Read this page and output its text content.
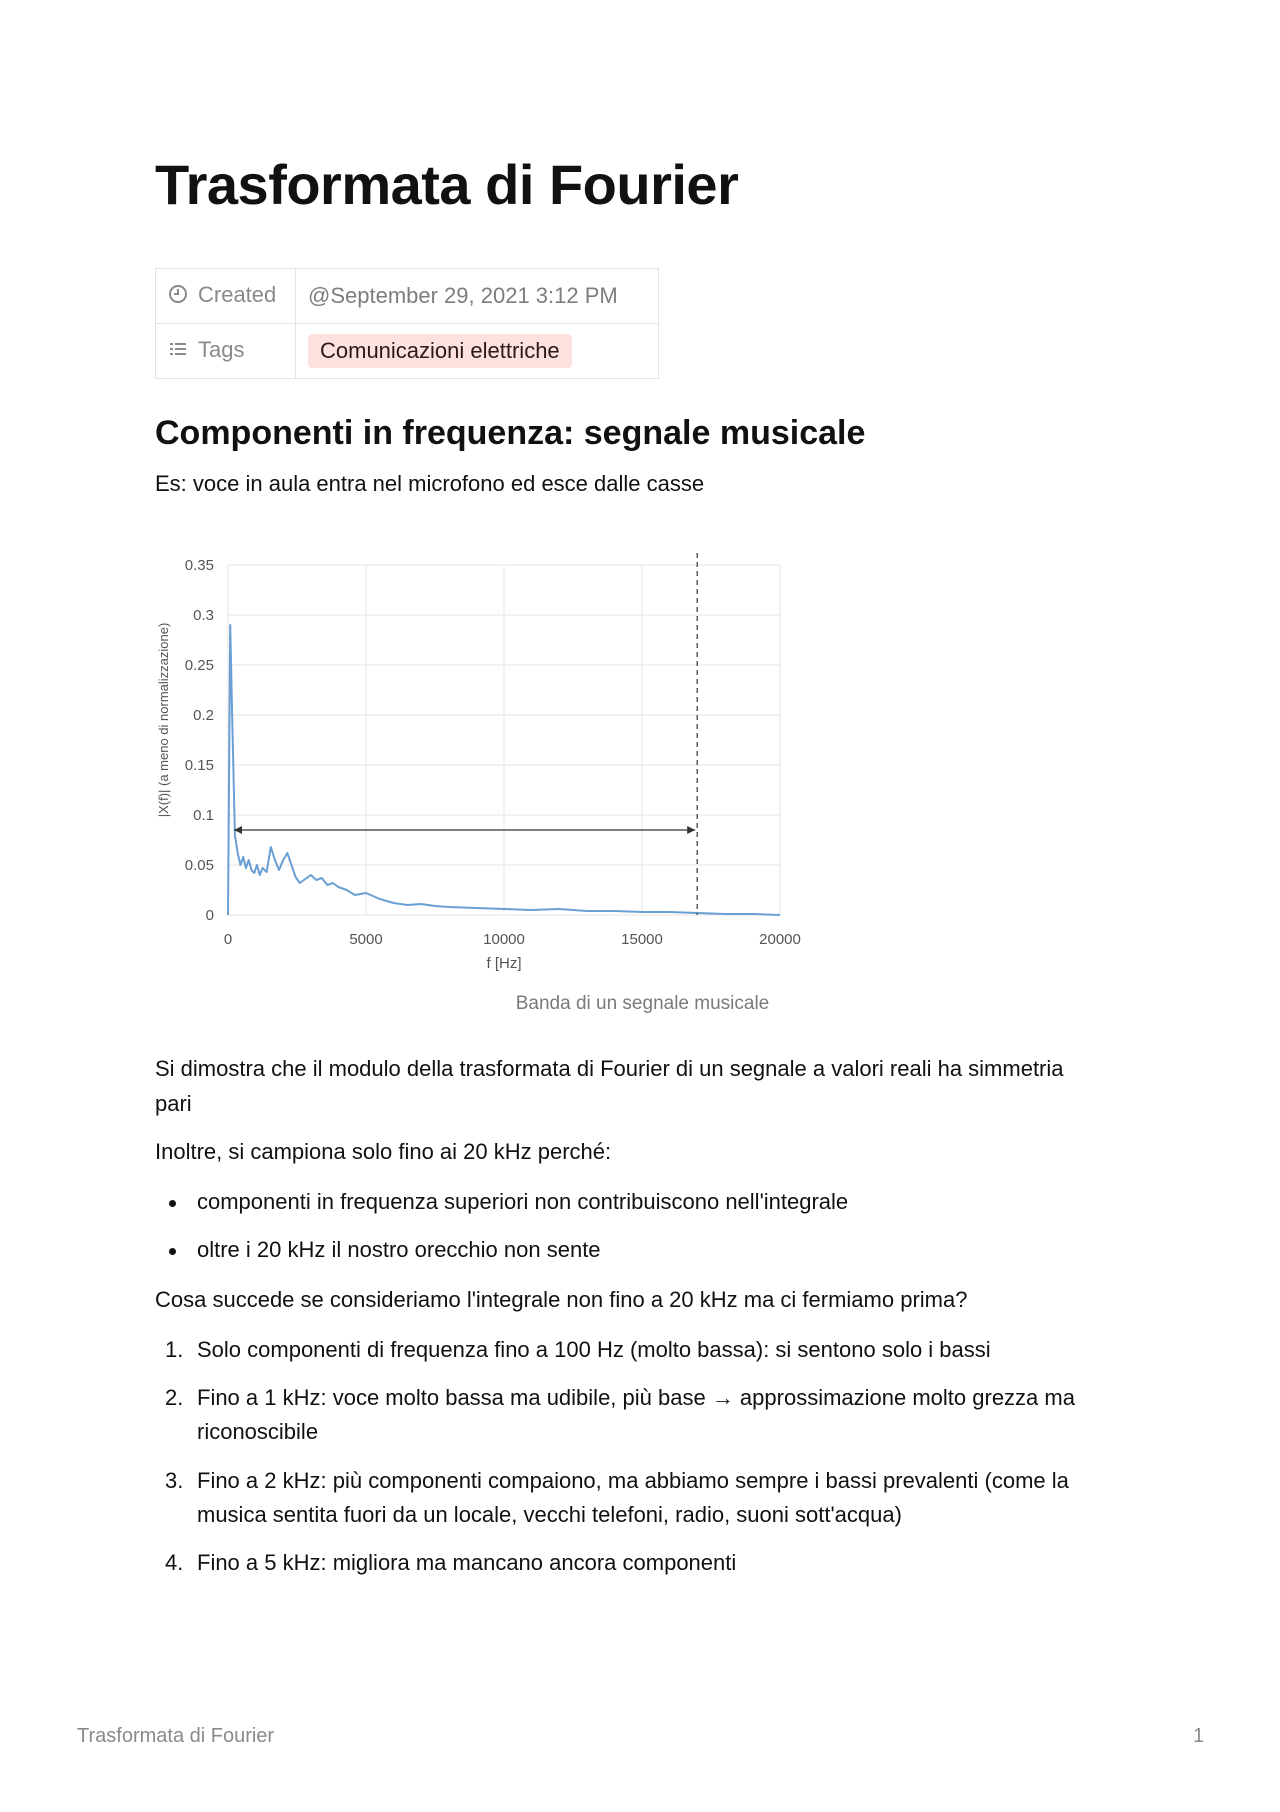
Trasformata di Fourier
Created	@September 29, 2021 3:12 PM
Tags	Comunicazioni elettriche
Componenti in frequenza: segnale musicale

Es: voce in aula entra nel microfono ed esce dalle casse

0
0.05
0.1
0.15
0.2
0.25
0.3
0.35
0	5000	10000	15000	20000
f [Hz]
|X(f)| (a meno di normalizzazione)
Banda di un segnale musicale

Si dimostra che il modulo della trasformata di Fourier di un segnale a valori reali ha simmetria

pari

Inoltre, si campiona solo fino ai 20 kHz perché:

componenti in frequenza superiori non contribuiscono nell'integrale
oltre i 20 kHz il nostro orecchio non sente

Cosa succede se consideriamo l'integrale non fino a 20 kHz ma ci fermiamo prima?

1. Solo componenti di frequenza fino a 100 Hz (molto bassa): si sentono solo i bassi
2. Fino a 1 kHz: voce molto bassa ma udibile, più base → approssimazione molto grezza ma
riconoscibile
3. Fino a 2 kHz: più componenti compaiono, ma abbiamo sempre i bassi prevalenti (come la
musica sentita fuori da un locale, vecchi telefoni, radio, suoni sott'acqua)
4. Fino a 5 kHz: migliora ma mancano ancora componenti
Trasformata di Fourier	1
